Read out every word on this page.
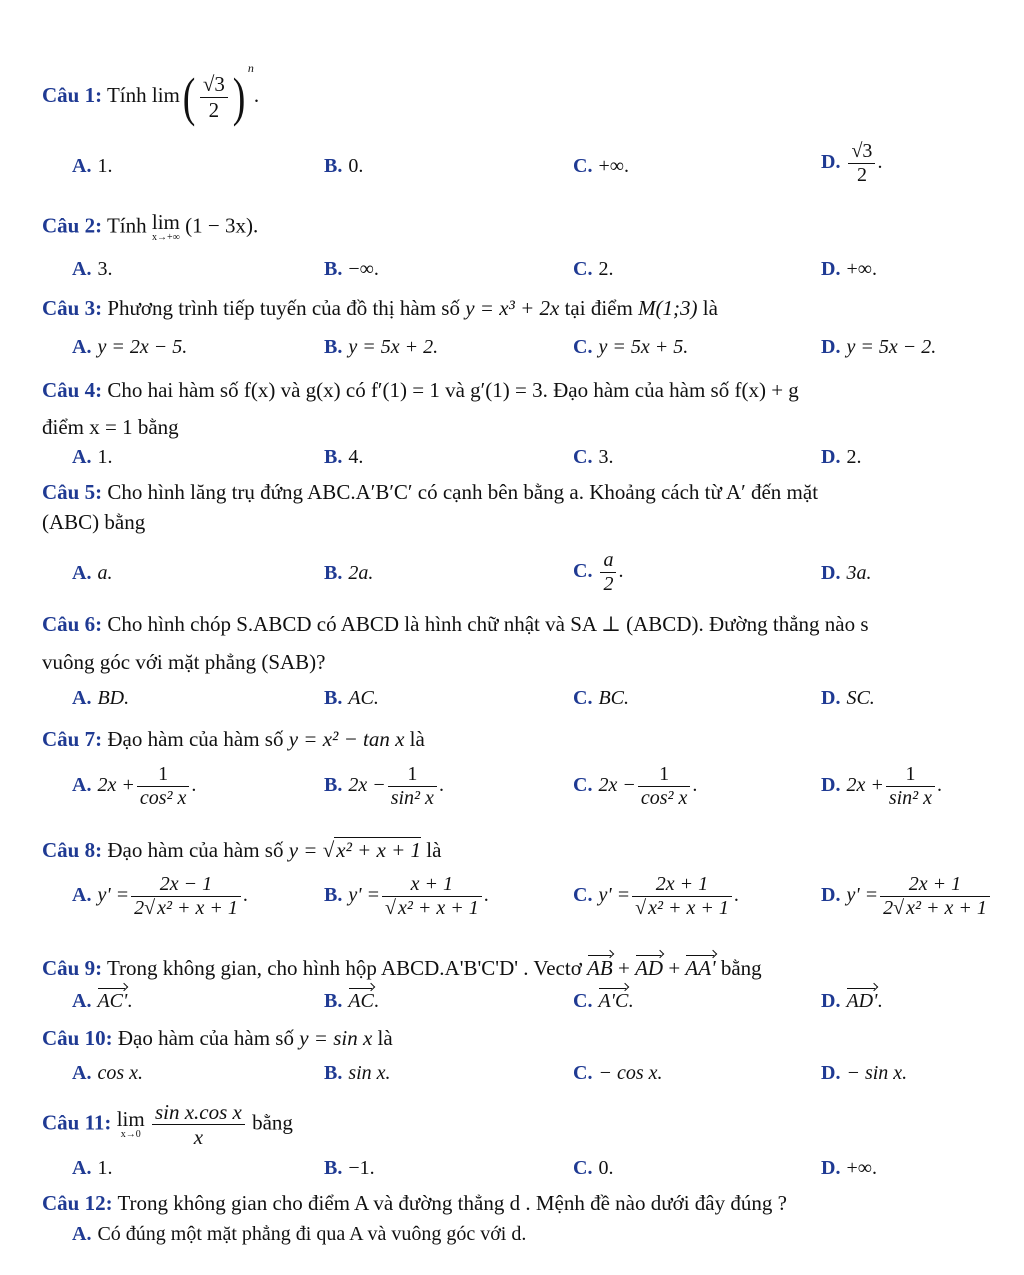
Câu 1: Tính $\lim( \frac{√3}{2}$ ) $^n$.
A. 1.	B. 0.	C. +∞.	D. $\frac{√3}{2}$ .
Câu 2: Tính lim
x→+∞
(1 − 3x).
A. 3.	B. −∞.	C. 2.	D. +∞.
Câu 3: Phương trình tiếp tuyến của đồ thị hàm số y = x³ + 2x tại điểm M(1;3) là
A. y = 2x − 5.	B. y = 5x + 2.	C. y = 5x + 5.	D. y = 5x − 2.
Câu 4: Cho hai hàm số f(x) và g(x) có f′(1) = 1 và g′(1) = 3. Đạo hàm của hàm số f(x) + g
điểm x = 1 bằng
A. 1.	B. 4.	C. 3.	D. 2.
Câu 5: Cho hình lăng trụ đứng ABC.A′B′C′ có cạnh bên bằng a. Khoảng cách từ A′ đến mặt
(ABC) bằng
A. a.	B. 2a.	C. $\frac{a}{2}$ .	D. 3a.
Câu 6: Cho hình chóp S.ABCD có ABCD là hình chữ nhật và SA ⊥ (ABCD). Đường thẳng nào s
vuông góc với mặt phẳng (SAB)?
A. BD.	B. AC.	C. BC.	D. SC.
Câu 7: Đạo hàm của hàm số y = x² − tan x là
A. $2x + \frac{1}{\text{cos² x}}$ .	B. $2x - \frac{1}{\text{sin² x}}$ .	C. $2x - \frac{1}{\text{cos² x}}$ .	D. $2x + \frac{1}{\text{sin² x}}$ .
Câu 8: Đạo hàm của hàm số y = √x² + x + 1 là
A. $y' = \frac{2x - 1}{\text{2√ x² + x + 1}}$ .	B. $y' = \frac{x + 1}{\text{√ x² + x + 1}}$ .	C. $y' = \frac{2x + 1}{\text{√ x² + x + 1}}$ .	D. $y' = \frac{2x + 1}{\text{2√ x² + x + 1}}$
Câu 9: Trong không gian, cho hình hộp ABCD.A'B'C'D' . Vectơ AB + AD + AA' bằng
A. AC'.	B. AC.	C. A'C.	D. AD'.
Câu 10: Đạo hàm của hàm số y = sin x là
A. cos x.	B. sin x.	C. − cos x.	D. − sin x.
Câu 11: lim
x→0
$\frac{\text{sin x.cos x}}{x}$ bằng
A. 1.	B. −1.	C. 0.	D. +∞.
Câu 12: Trong không gian cho điểm A và đường thẳng d . Mệnh đề nào dưới đây đúng ?
A. Có đúng một mặt phẳng đi qua A và vuông góc với d.
